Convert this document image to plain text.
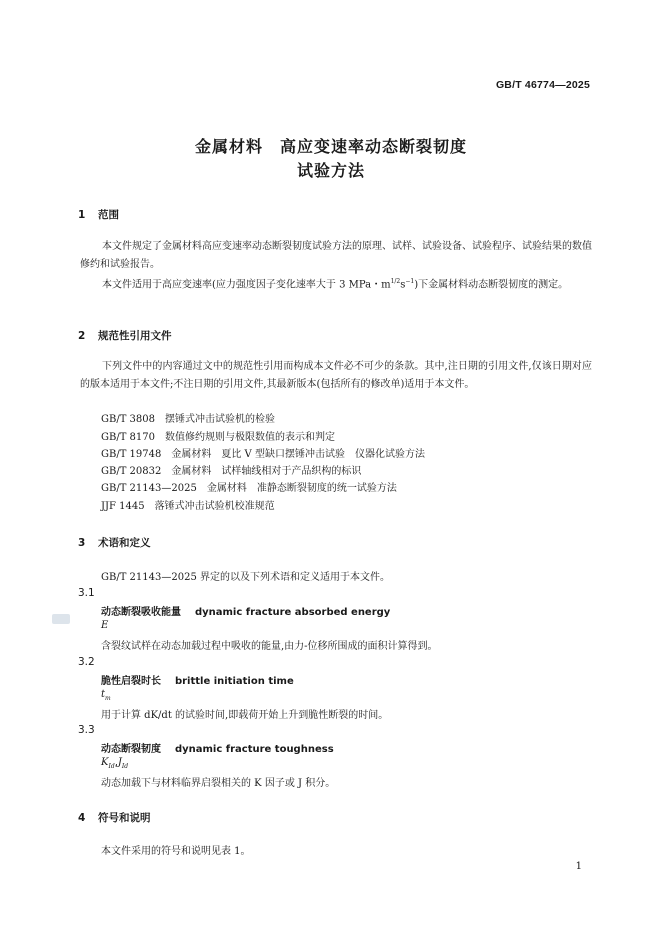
GB/T 46774—2025
金属材料　高应变速率动态断裂韧度
试验方法
1 范围

本文件规定了金属材料高应变速率动态断裂韧度试验方法的原理、试样、试验设备、试验程序、试验结果的数值修约和试验报告。

本文件适用于高应变速率(应力强度因子变化速率大于 3 MPa・$m^{1/2}s^{-1}$)下金属材料动态断裂韧度的测定。

2 规范性引用文件

下列文件中的内容通过文中的规范性引用而构成本文件必不可少的条款。其中,注日期的引用文件,仅该日期对应的版本适用于本文件;不注日期的引用文件,其最新版本(包括所有的修改单)适用于本文件。

GB/T 3808　摆锤式冲击试验机的检验
GB/T 8170　数值修约规则与极限数值的表示和判定
GB/T 19748　金属材料　夏比 V 型缺口摆锤冲击试验　仪器化试验方法
GB/T 20832　金属材料　试样轴线相对于产品织构的标识
GB/T 21143—2025　金属材料　准静态断裂韧度的统一试验方法
JJF 1445　落锤式冲击试验机校准规范
3 术语和定义
GB/T 21143—2025 界定的以及下列术语和定义适用于本文件。
3.1
动态断裂吸收能量 dynamic fracture absorbed energy
E
含裂纹试样在动态加载过程中吸收的能量,由力-位移所围成的面积计算得到。
3.2
脆性启裂时长 brittle initiation time
$t_m$
用于计算 dK/dt 的试验时间,即载荷开始上升到脆性断裂的时间。
3.3
动态断裂韧度 dynamic fracture toughness
$K_{Id},J_{Id}$
动态加载下与材料临界启裂相关的 K 因子或 J 积分。
4 符号和说明
本文件采用的符号和说明见表 1。
1
